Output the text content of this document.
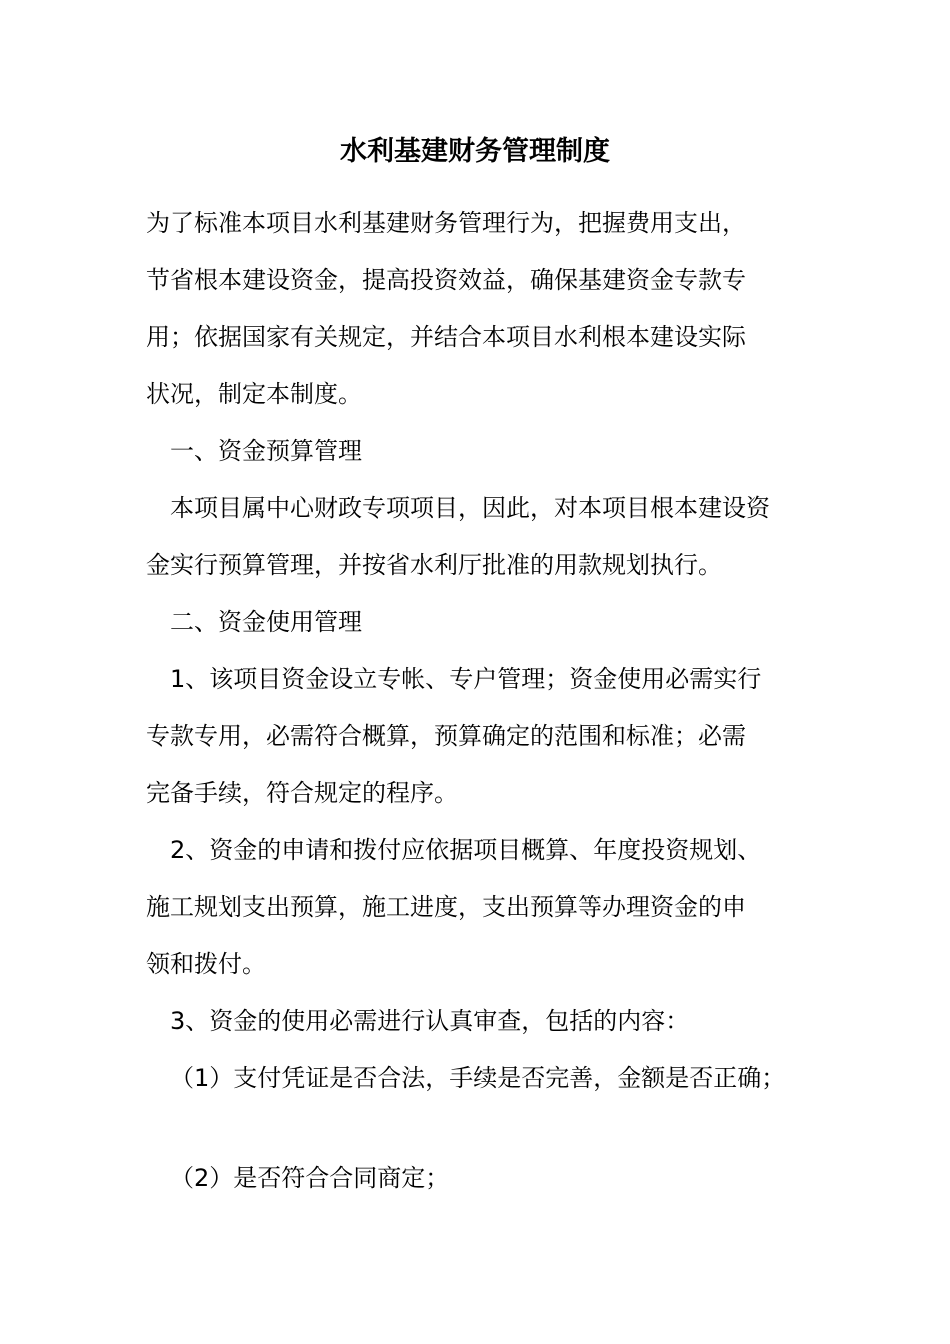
水利基建财务管理制度
为了标准本项目水利基建财务管理行为，把握费用支出，
节省根本建设资金，提高投资效益，确保基建资金专款专
用；依据国家有关规定，并结合本项目水利根本建设实际
状况，制定本制度。
一、资金预算管理
本项目属中心财政专项项目，因此，对本项目根本建设资
金实行预算管理，并按省水利厅批准的用款规划执行。
二、资金使用管理
1、该项目资金设立专帐、专户管理；资金使用必需实行
专款专用，必需符合概算，预算确定的范围和标准；必需
完备手续，符合规定的程序。
2、资金的申请和拨付应依据项目概算、年度投资规划、
施工规划支出预算，施工进度，支出预算等办理资金的申
领和拨付。
3、资金的使用必需进行认真审查，包括的内容：
（1）支付凭证是否合法，手续是否完善，金额是否正确；
（2）是否符合合同商定；
